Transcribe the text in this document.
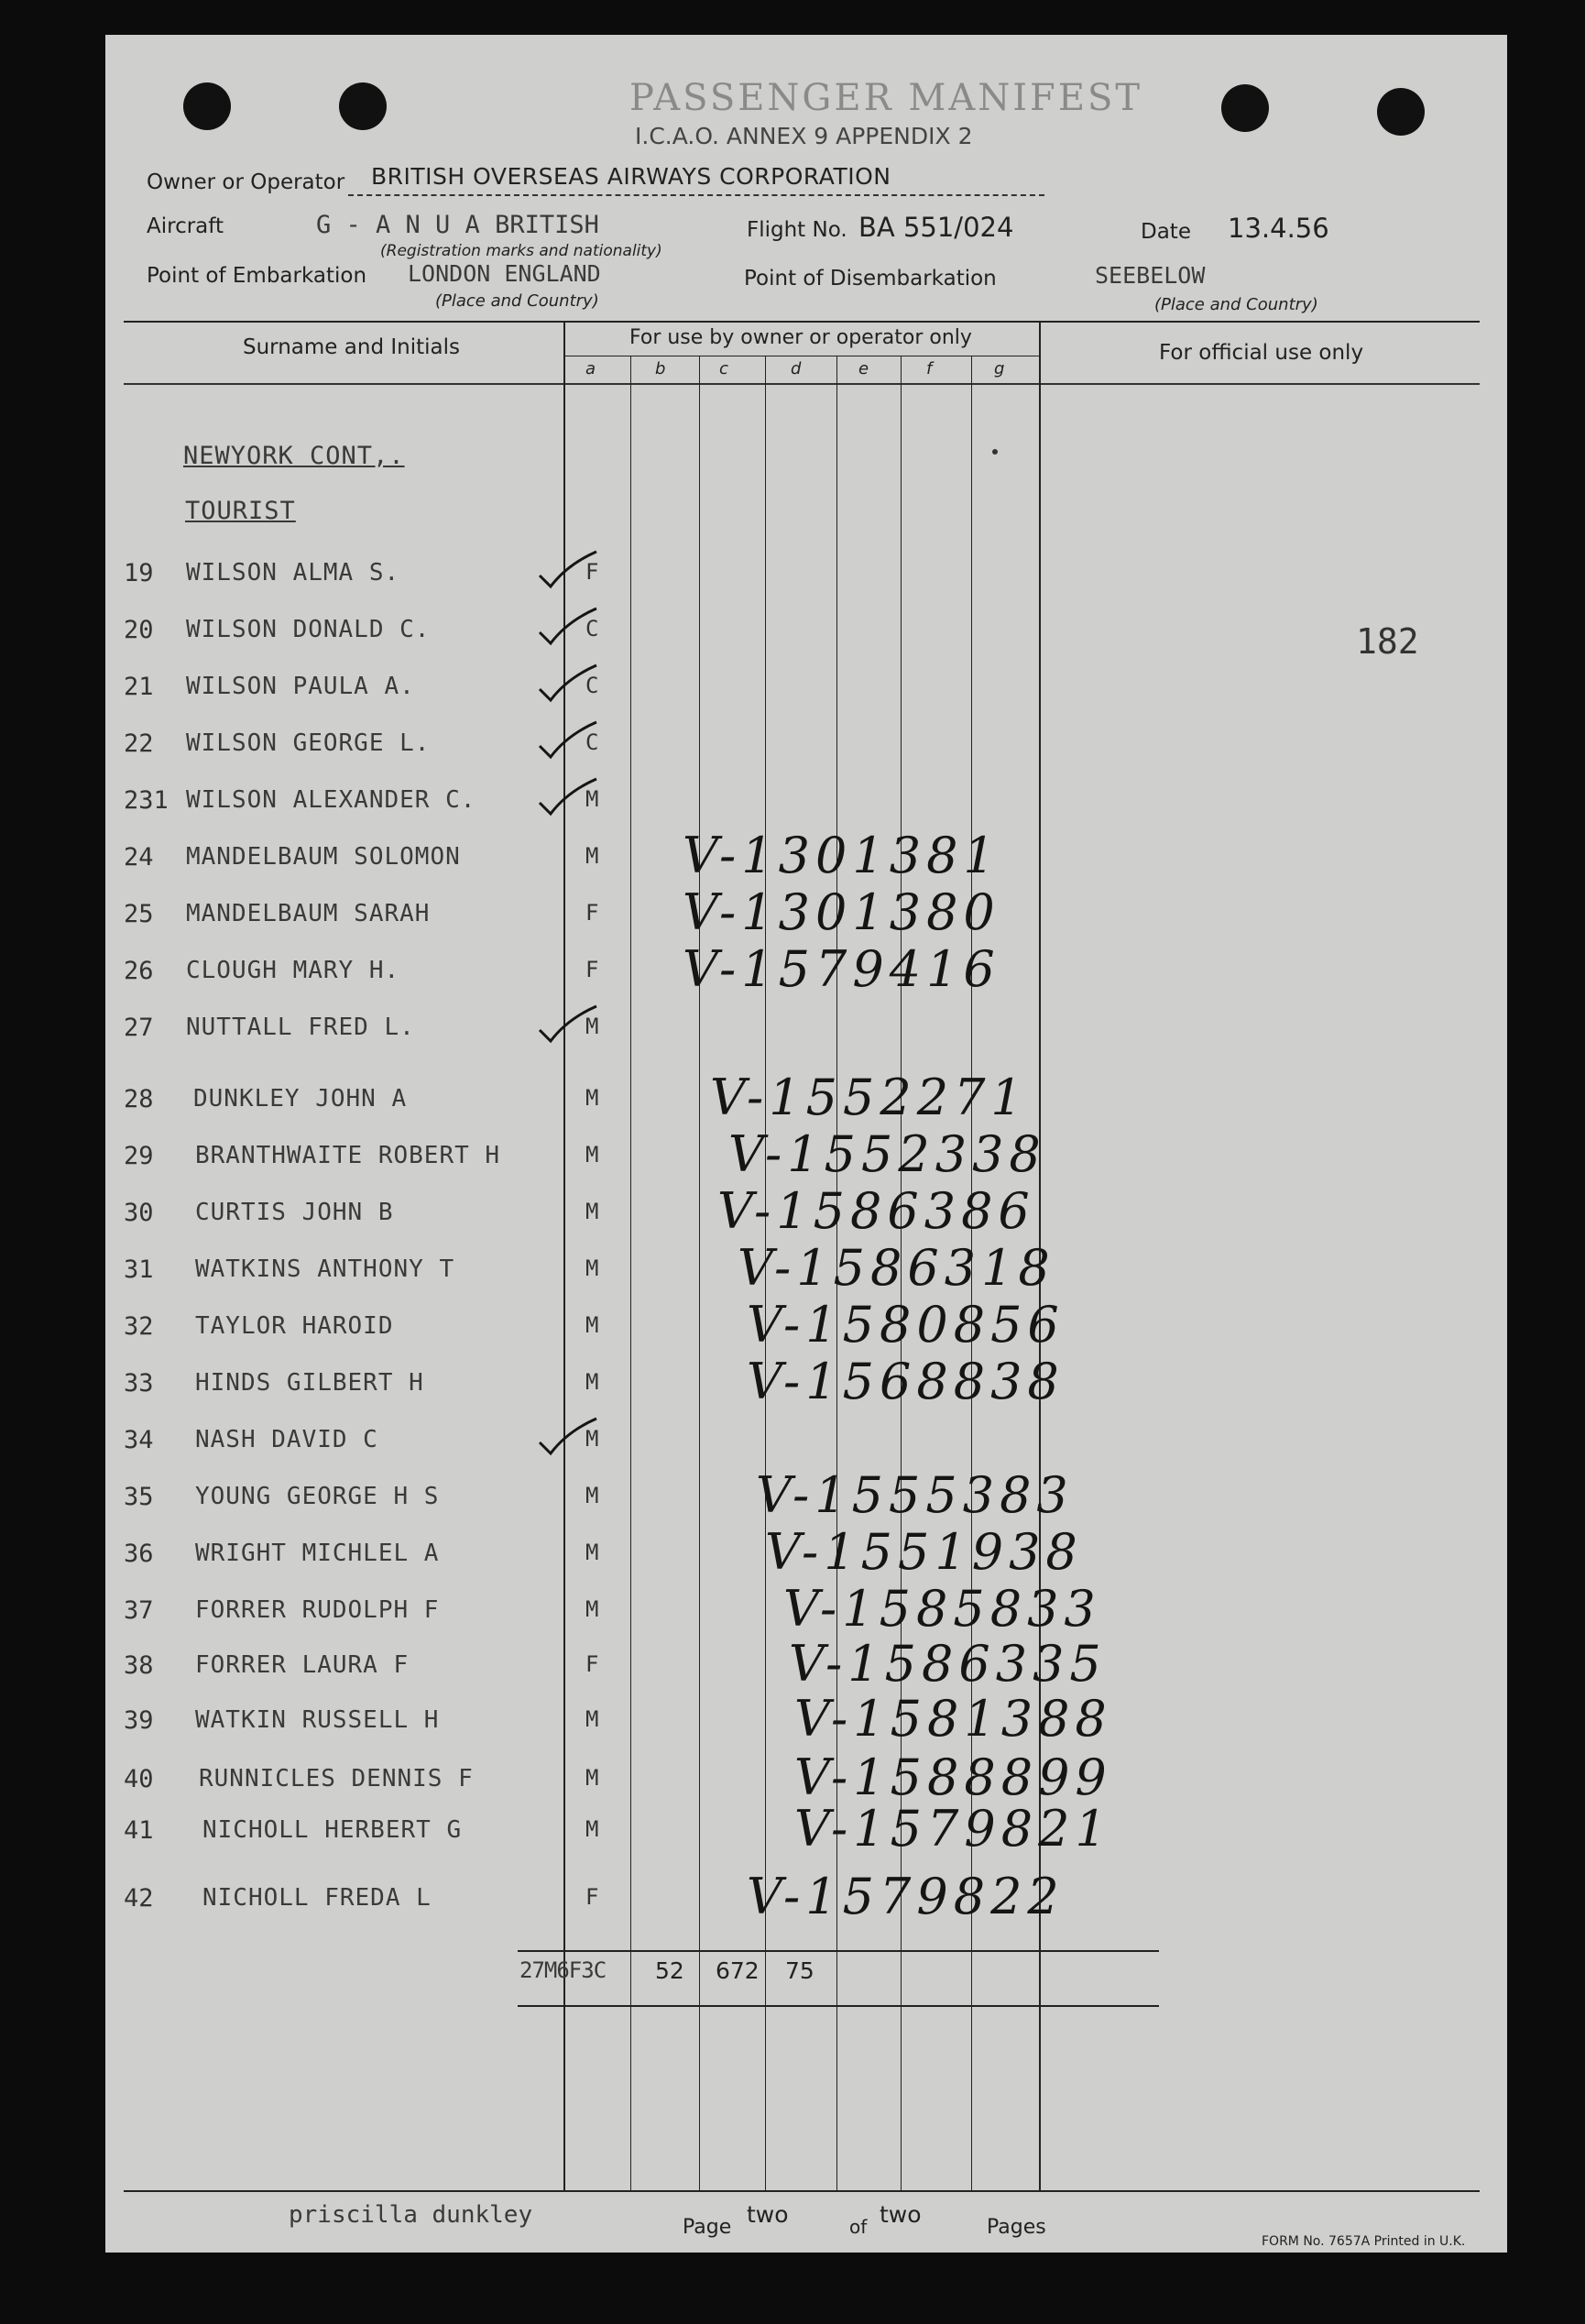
PASSENGER MANIFEST
I.C.A.O. ANNEX 9 APPENDIX 2
Owner or Operator BRITISH OVERSEAS AIRWAYS CORPORATION
Aircraft	G - A N U A BRITISH
(Registration marks and nationality)
Flight No. BA 551/024	Date 13.4.56
Point of Embarkation LONDON ENGLAND
(Place and Country)
Point of Disembarkation	SEEBELOW
(Place and Country)
Surname and Initials	For use by owner or operator only
For official use only
a	b	c	d	e	f	g
NEWYORK CONT,.
TOURIST
182
19 WILSON ALMA S.	F
20 WILSON DONALD C.	C
21 WILSON PAULA A.	C
22 WILSON GEORGE L.	C
231 WILSON ALEXANDER C.	M
24 MANDELBAUM SOLOMON	M V-1301381
25 MANDELBAUM SARAH	F V-1301380
26 CLOUGH MARY H.	F V-1579416
27 NUTTALL FRED L.	M
28 DUNKLEY JOHN A	M V-1552271
29 BRANTHWAITE ROBERT H	M	V-1552338
30 CURTIS JOHN B	M V-1586386
31 WATKINS ANTHONY T	M	V-1586318
32 TAYLOR HAROID	M	V-1580856
33 HINDS GILBERT H	M	V-1568838
34 NASH DAVID C	M
35 YOUNG GEORGE H S	M	V-1555383
36 WRIGHT MICHLEL A	M	V-1551938
37 FORRER RUDOLPH F	M	V-1585833
38 FORRER LAURA F	F	V-1586335
39 WATKIN RUSSELL H	M	V-1581388
40 RUNNICLES DENNIS F	M	V-1588899
41 NICHOLL HERBERT G	M	V-1579821
42 NICHOLL FREDA L	F	V-1579822
27M6F3C 52 672 75
priscilla dunkley	Page two	of two	Pages
FORM No. 7657A Printed in U.K.
